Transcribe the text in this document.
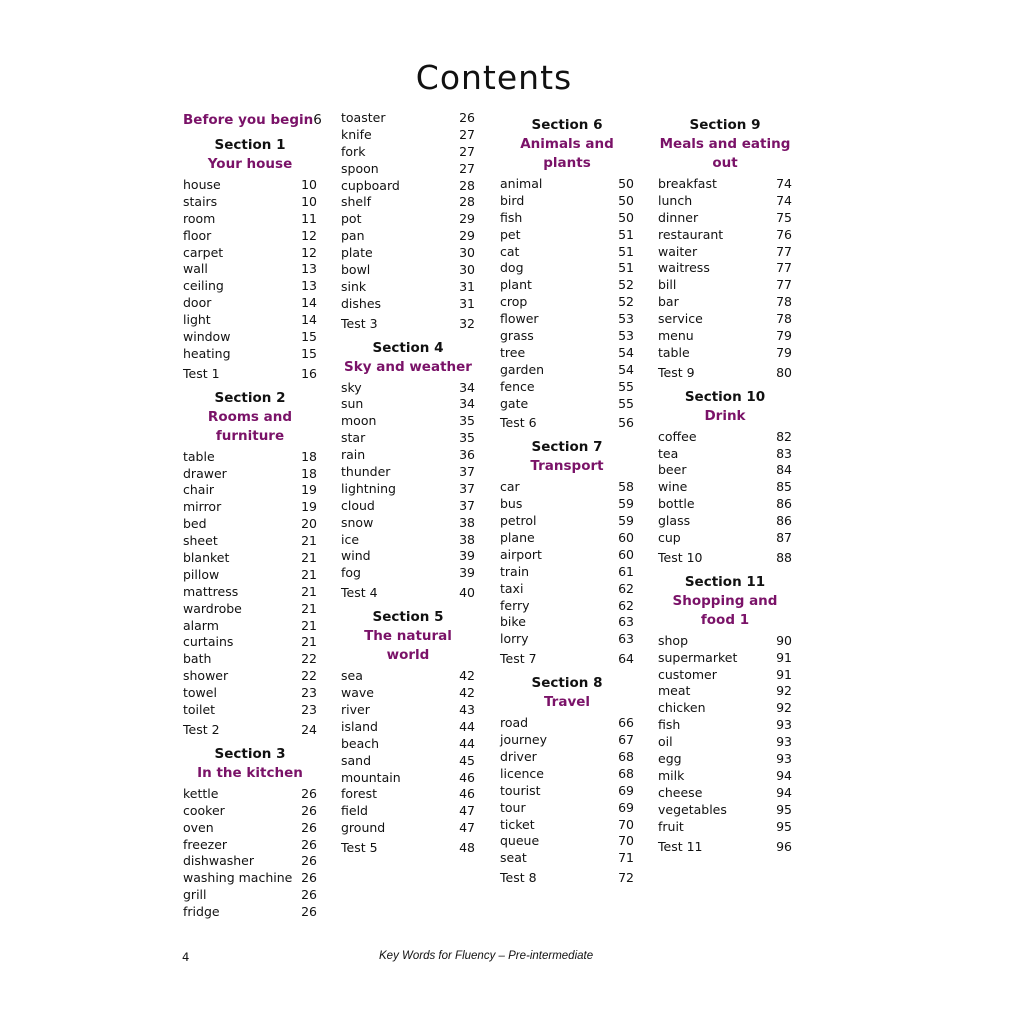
Contents
Before you begin 6
Section 1
Your house
house	10
stairs	10
room	11
floor	12
carpet	12
wall	13
ceiling	13
door	14
light	14
window	15
heating	15
Test 1	16
Section 2
Rooms and furniture
table	18
drawer	18
chair	19
mirror	19
bed	20
sheet	21
blanket	21
pillow	21
mattress	21
wardrobe	21
alarm	21
curtains	21
bath	22
shower	22
towel	23
toilet	23
Test 2	24
Section 3
In the kitchen
kettle	26
cooker	26
oven	26
freezer	26
dishwasher	26
washing machine 26
grill	26
fridge	26
toaster	26
knife	27
fork	27
spoon	27
cupboard	28
shelf	28
pot	29
pan	29
plate	30
bowl	30
sink	31
dishes	31
Test 3	32
Section 4
Sky and weather
sky	34
sun	34
moon	35
star	35
rain	36
thunder	37
lightning	37
cloud	37
snow	38
ice	38
wind	39
fog	39
Test 4	40
Section 5
The natural world
sea	42
wave	42
river	43
island	44
beach	44
sand	45
mountain	46
forest	46
field	47
ground	47
Test 5	48
Section 6
Animals and plants
animal	50
bird	50
fish	50
pet	51
cat	51
dog	51
plant	52
crop	52
flower	53
grass	53
tree	54
garden	54
fence	55
gate	55
Test 6	56
Section 7
Transport
car	58
bus	59
petrol	59
plane	60
airport	60
train	61
taxi	62
ferry	62
bike	63
lorry	63
Test 7	64
Section 8
Travel
road	66
journey	67
driver	68
licence	68
tourist	69
tour	69
ticket	70
queue	70
seat	71
Test 8	72
Section 9
Meals and eating out
breakfast	74
lunch	74
dinner	75
restaurant	76
waiter	77
waitress	77
bill	77
bar	78
service	78
menu	79
table	79
Test 9	80
Section 10
Drink
coffee	82
tea	83
beer	84
wine	85
bottle	86
glass	86
cup	87
Test 10	88
Section 11
Shopping and food 1
shop	90
supermarket	91
customer	91
meat	92
chicken	92
fish	93
oil	93
egg	93
milk	94
cheese	94
vegetables	95
fruit	95
Test 11	96
4	Key Words for Fluency – Pre-intermediate
